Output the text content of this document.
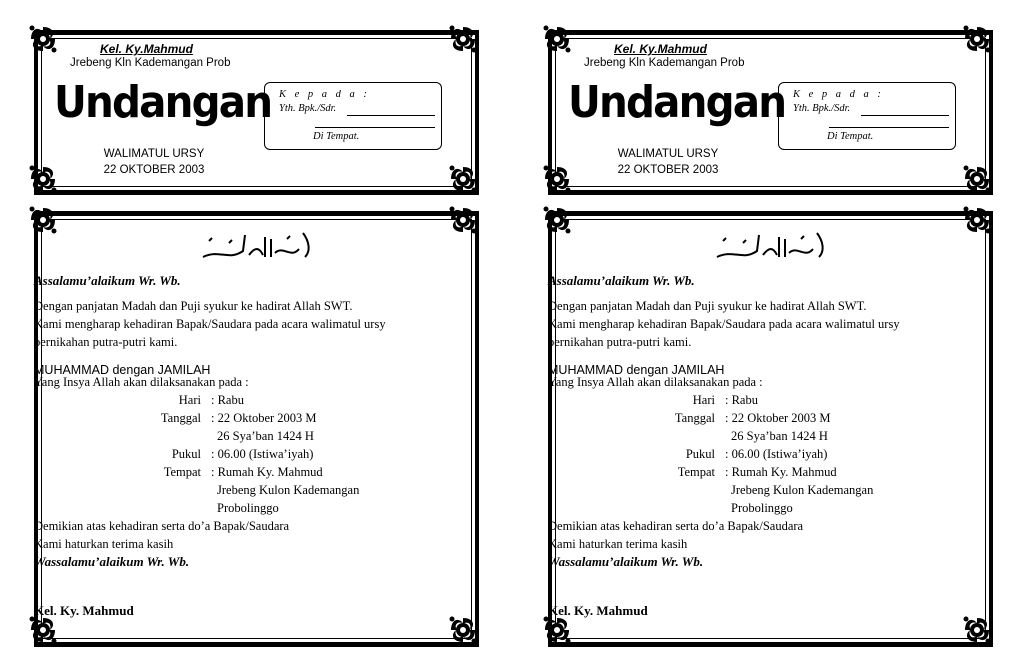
Kel. Ky.Mahmud
Jrebeng Kln Kademangan Prob
Undangan
WALIMATUL URSY
22 OKTOBER 2003
K e p a d a :
Yth. Bpk./Sdr.
Di Tempat.
Kel. Ky.Mahmud
Jrebeng Kln Kademangan Prob
Undangan
WALIMATUL URSY
22 OKTOBER 2003
K e p a d a :
Yth. Bpk./Sdr.
Di Tempat.
Assalamu’alaikum Wr. Wb.
Dengan panjatan Madah dan Puji syukur ke hadirat Allah SWT.
Kami mengharap kehadiran Bapak/Saudara pada acara walimatul ursy
pernikahan putra-putri kami.
MUHAMMAD dengan JAMILAH
Yang Insya Allah akan dilaksanakan pada :
Hari : Rabu
Tanggal : 22 Oktober 2003 M
26 Sya’ban 1424 H
Pukul : 06.00 (Istiwa’iyah)
Tempat : Rumah Ky. Mahmud
Jrebeng Kulon Kademangan
Probolinggo
Demikian atas kehadiran serta do’a Bapak/Saudara
Kami haturkan terima kasih
Wassalamu’alaikum Wr. Wb.
Kel. Ky. Mahmud
Assalamu’alaikum Wr. Wb.
Dengan panjatan Madah dan Puji syukur ke hadirat Allah SWT.
Kami mengharap kehadiran Bapak/Saudara pada acara walimatul ursy
pernikahan putra-putri kami.
MUHAMMAD dengan JAMILAH
Yang Insya Allah akan dilaksanakan pada :
Hari : Rabu
Tanggal : 22 Oktober 2003 M
26 Sya’ban 1424 H
Pukul : 06.00 (Istiwa’iyah)
Tempat : Rumah Ky. Mahmud
Jrebeng Kulon Kademangan
Probolinggo
Demikian atas kehadiran serta do’a Bapak/Saudara
Kami haturkan terima kasih
Wassalamu’alaikum Wr. Wb.
Kel. Ky. Mahmud
